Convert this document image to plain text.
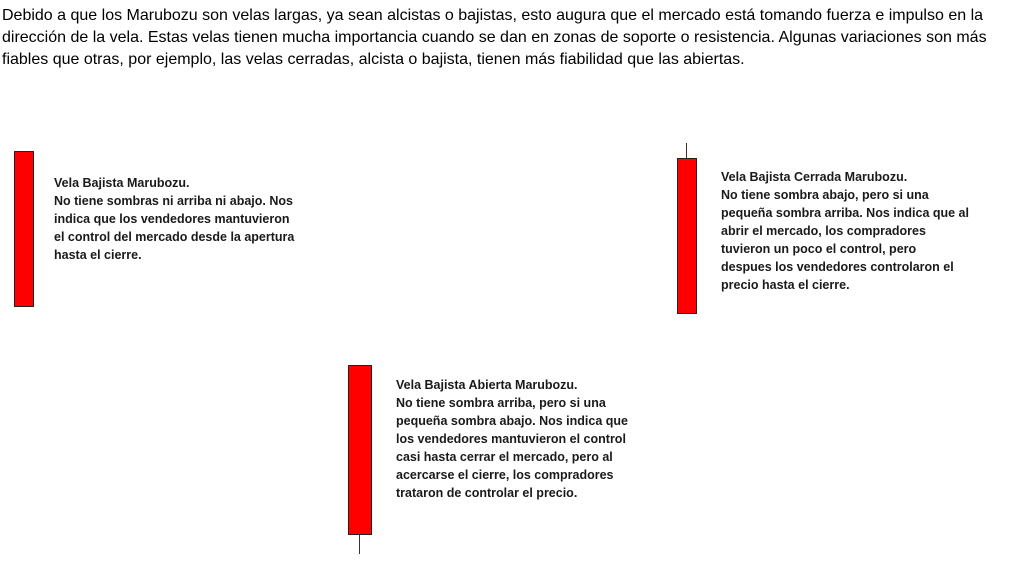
Debido a que los Marubozu son velas largas, ya sean alcistas o bajistas, esto augura que el mercado está tomando fuerza e impulso en la dirección de la vela. Estas velas tienen mucha importancia cuando se dan en zonas de soporte o resistencia. Algunas variaciones son más fiables que otras, por ejemplo, las velas cerradas, alcista o bajista, tienen más fiabilidad que las abiertas.

Vela Bajista Marubozu.
No tiene sombras ni arriba ni abajo. Nos
indica que los vendedores mantuvieron
el control del mercado desde la apertura
hasta el cierre.
Vela Bajista Cerrada Marubozu.
No tiene sombra abajo, pero si una
pequeña sombra arriba. Nos indica que al
abrir el mercado, los compradores
tuvieron un poco el control, pero
despues los vendedores controlaron el
precio hasta el cierre.
Vela Bajista Abierta Marubozu.
No tiene sombra arriba, pero si una
pequeña sombra abajo. Nos indica que
los vendedores mantuvieron el control
casi hasta cerrar el mercado, pero al
acercarse el cierre, los compradores
trataron de controlar el precio.
